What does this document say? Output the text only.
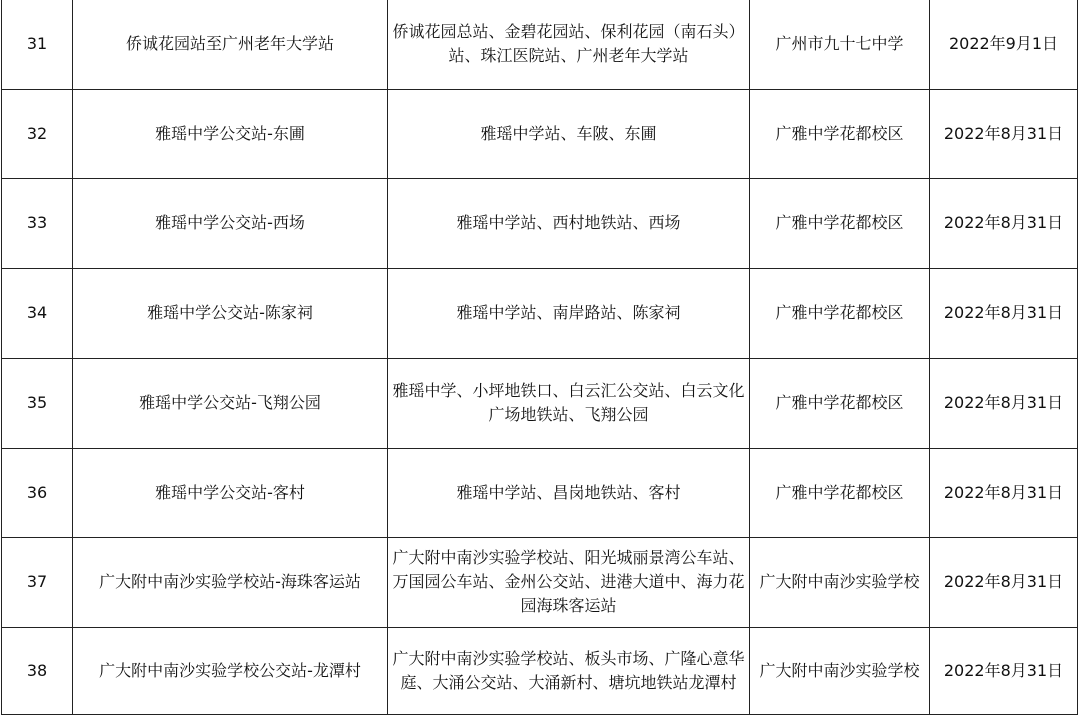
31	侨诚花园站至广州老年大学站	侨诚花园总站、金碧花园站、保利花园（南石头）站、珠江医院站、广州老年大学站	广州市九十七中学	2022年9月1日
32	雅瑶中学公交站-东圃	雅瑶中学站、车陂、东圃	广雅中学花都校区	2022年8月31日
33	雅瑶中学公交站-西场	雅瑶中学站、西村地铁站、西场	广雅中学花都校区	2022年8月31日
34	雅瑶中学公交站-陈家祠	雅瑶中学站、南岸路站、陈家祠	广雅中学花都校区	2022年8月31日
35	雅瑶中学公交站-飞翔公园	雅瑶中学、小坪地铁口、白云汇公交站、白云文化广场地铁站、飞翔公园	广雅中学花都校区	2022年8月31日
36	雅瑶中学公交站-客村	雅瑶中学站、昌岗地铁站、客村	广雅中学花都校区	2022年8月31日
37	广大附中南沙实验学校站-海珠客运站	广大附中南沙实验学校站、阳光城丽景湾公车站、万国园公车站、金州公交站、进港大道中、海力花园海珠客运站	广大附中南沙实验学校	2022年8月31日
38	广大附中南沙实验学校公交站-龙潭村	广大附中南沙实验学校站、板头市场、广隆心意华庭、大涌公交站、大涌新村、塘坑地铁站龙潭村	广大附中南沙实验学校	2022年8月31日
